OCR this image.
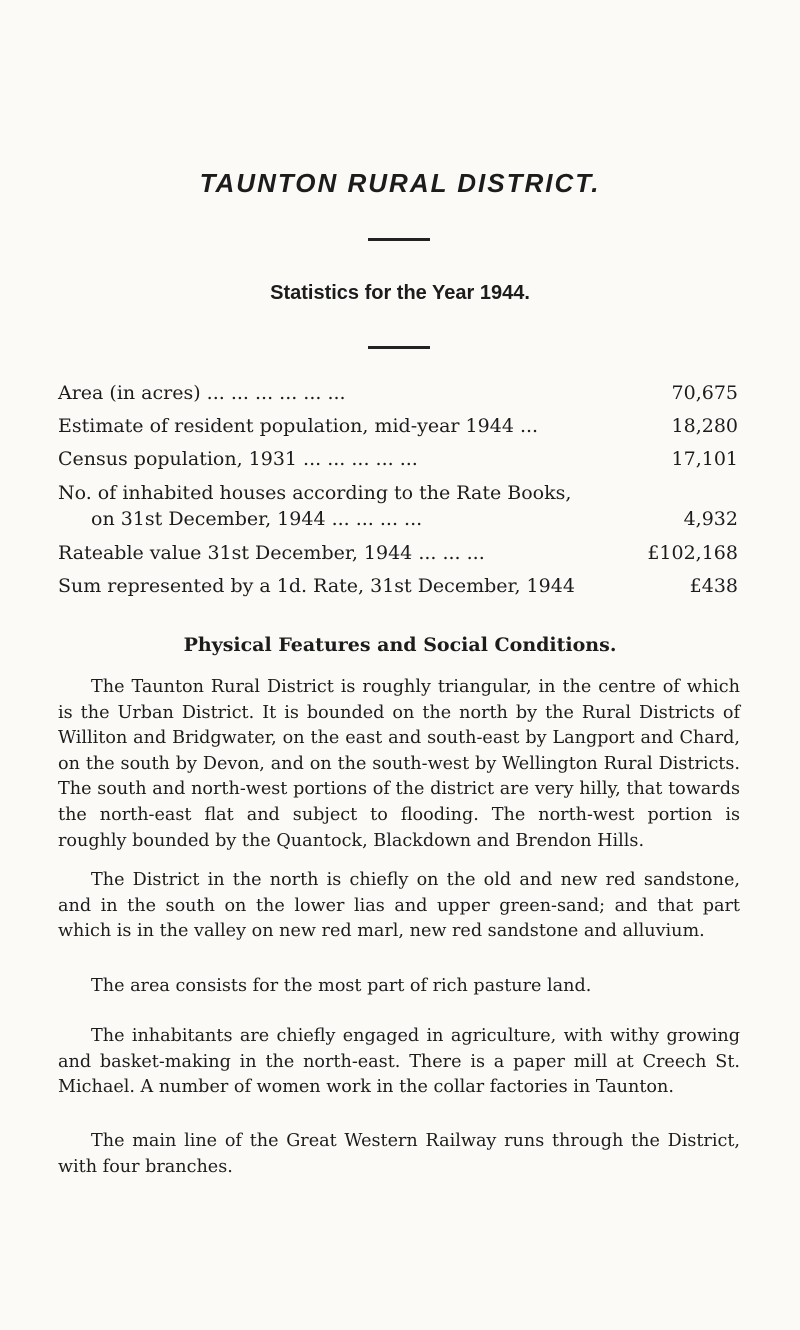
TAUNTON RURAL DISTRICT.
Statistics for the Year 1944.
Area (in acres) ... ... ... ... ... ...	70,675
Estimate of resident population, mid-year 1944 ...	18,280
Census population, 1931 ... ... ... ... ...	17,101
No. of inhabited houses according to the Rate Books,
on 31st December, 1944 ... ... ... ...	4,932
Rateable value 31st December, 1944 ... ... ...	£102,168
Sum represented by a 1d. Rate, 31st December, 1944	£438
Physical Features and Social Conditions.

The Taunton Rural District is roughly triangular, in the centre of which is the Urban District. It is bounded on the north by the Rural Districts of Williton and Bridgwater, on the east and south-east by Langport and Chard, on the south by Devon, and on the south-west by Wellington Rural Districts. The south and north-west portions of the district are very hilly, that towards the north-east flat and subject to flooding. The north-west portion is roughly bounded by the Quantock, Blackdown and Brendon Hills.

The District in the north is chiefly on the old and new red sandstone, and in the south on the lower lias and upper green-sand; and that part which is in the valley on new red marl, new red sandstone and alluvium.

The area consists for the most part of rich pasture land.

The inhabitants are chiefly engaged in agriculture, with withy growing and basket-making in the north-east. There is a paper mill at Creech St. Michael. A number of women work in the collar factories in Taunton.

The main line of the Great Western Railway runs through the District, with four branches.
